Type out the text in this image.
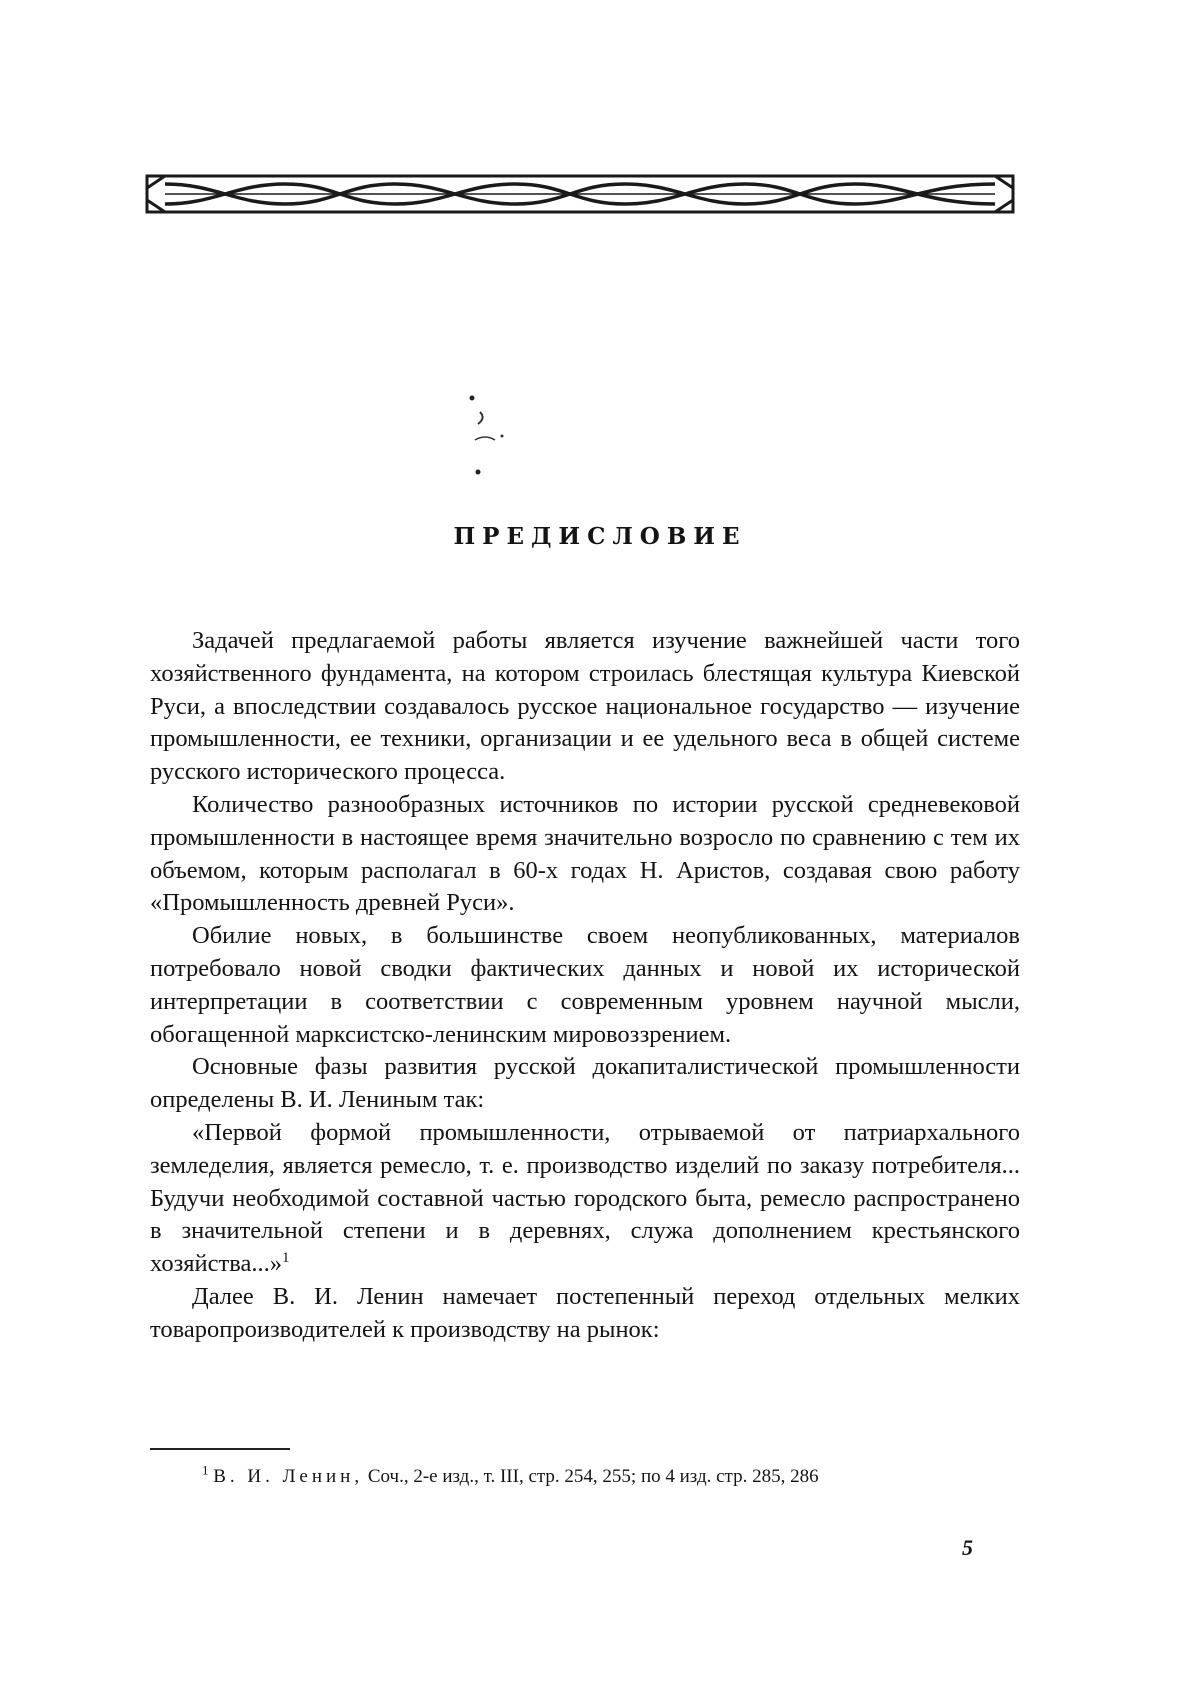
ПРЕДИСЛОВИЕ

Задачей предлагаемой работы является изучение важнейшей части того хозяйственного фундамента, на котором строилась блестящая культура Киевской Руси, а впоследствии создавалось русское национальное государство — изучение промышленности, ее техники, организации и ее удельного веса в общей системе русского исторического процесса.

Количество разнообразных источников по истории русской средневековой промышленности в настоящее время значительно возросло по сравнению с тем их объемом, которым располагал в 60-х годах Н. Аристов, создавая свою работу «Промышленность древней Руси».

Обилие новых, в большинстве своем неопубликованных, материалов потребовало новой сводки фактических данных и новой их исторической интерпретации в соответствии с современным уровнем научной мысли, обогащенной марксистско-ленинским мировоззрением.

Основные фазы развития русской докапиталистической промышленности определены В. И. Лениным так:

«Первой формой промышленности, отрываемой от патриархального земледелия, является ремесло, т. е. производство изделий по заказу потребителя... Будучи необходимой составной частью городского быта, ремесло распространено в значительной степени и в деревнях, служа дополнением крестьянского хозяйства...»$^1$

Далее В. И. Ленин намечает постепенный переход отдельных мелких товаропроизводителей к производству на рынок:

$^1$ В. И. Ленин, Соч., 2-е изд., т. III, стр. 254, 255; по 4 изд. стр. 285, 286

5
